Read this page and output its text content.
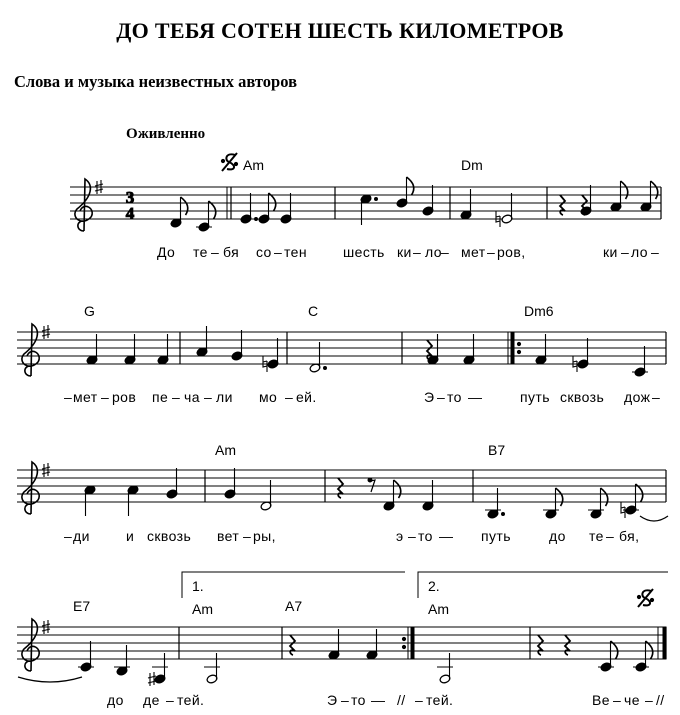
ДО ТЕБЯ СОТЕН ШЕСТЬ КИЛОМЕТРОВ
Слова и музыка неизвестных авторов
Оживленно
3
4
Am	Dm
До те – бя со – тен	шесть ки – ло – мет – ров,	ки – ло –
G	C	Dm6
– мет – ров пе – ча – ли мо – ей.	Э – то —	путь сквозь дож –
Am	B7
– ди	и сквозь вет – ры,	э – то — путь	до те – бя,
1.	2.
E7	Am	A7	Am
до де – тей.	Э – то — // – тей.	Ве – че – //
